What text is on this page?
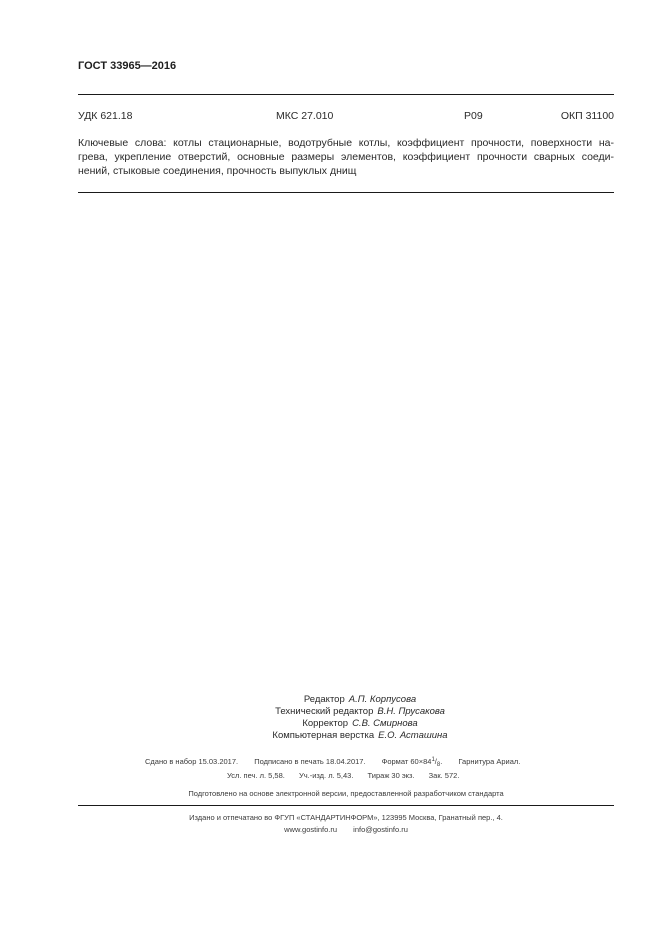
ГОСТ 33965—2016
УДК 621.18	МКС 27.010	Р09	ОКП 31100
Ключевые слова: котлы стационарные, водотрубные котлы, коэффициент прочности, поверхности на-
грева, укрепление отверстий, основные размеры элементов, коэффициент прочности сварных соеди-
нений, стыковые соединения, прочность выпуклых днищ
Редактор А.П. Корпусова
Технический редактор В.Н. Прусакова
Корректор С.В. Смирнова
Компьютерная верстка Е.О. Асташина
Сдано в набор 15.03.2017. Подписано в печать 18.04.2017. Формат $60\times 84^1/_8$. Гарнитура Ариал.
Усл. печ. л. 5,58. Уч.-изд. л. 5,43. Тираж 30 экз. Зак. 572.
Подготовлено на основе электронной версии, предоставленной разработчиком стандарта
Издано и отпечатано во ФГУП «СТАНДАРТИНФОРМ», 123995 Москва, Гранатный пер., 4.
www.gostinfo.ru info@gostinfo.ru
